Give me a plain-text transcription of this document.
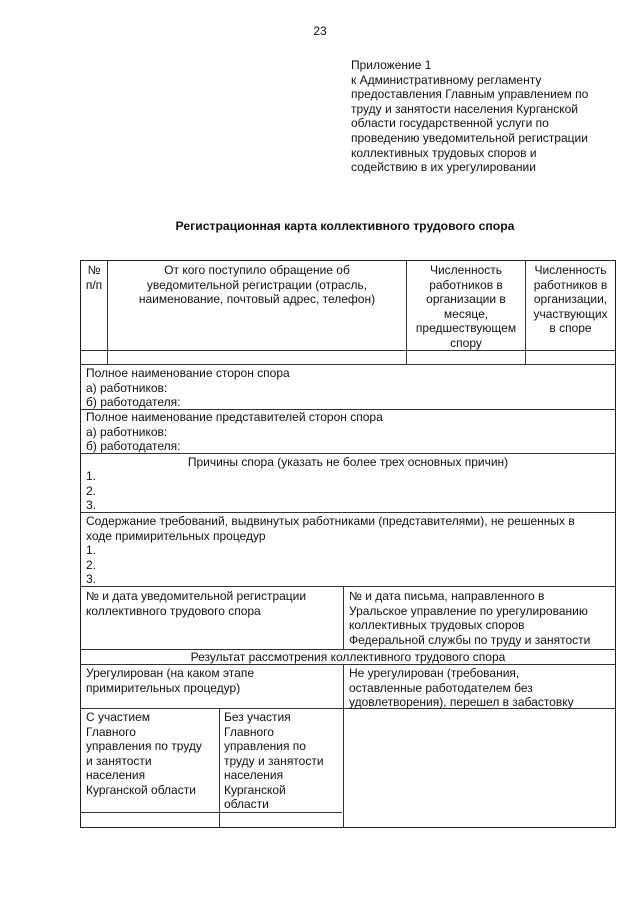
23
Приложение 1
к Административному регламенту
предоставления Главным управлением по
труду и занятости населения Курганской
области государственной услуги по
проведению уведомительной регистрации
коллективных трудовых споров и
содействию в их урегулировании
Регистрационная карта коллективного трудового спора
№
п/п
От кого поступило обращение об
уведомительной регистрации (отрасль,
наименование, почтовый адрес, телефон)
Численность
работников в
организации в
месяце,
предшествующем
спору
Численность
работников в
организации,
участвующих
в споре
Полное наименование сторон спора
а) работников:
б) работодателя:
Полное наименование представителей сторон спора
а) работников:
б) работодателя:
Причины спора (указать не более трех основных причин)
1.
2.
3.
Содержание требований, выдвинутых работниками (представителями), не решенных в
ходе примирительных процедур
1.
2.
3.
№ и дата уведомительной регистрации
коллективного трудового спора
№ и дата письма, направленного в
Уральское управление по урегулированию
коллективных трудовых споров
Федеральной службы по труду и занятости
Результат рассмотрения коллективного трудового спора
Урегулирован (на каком этапе
примирительных процедур)
Не урегулирован (требования,
оставленные работодателем без
удовлетворения), перешел в забастовку
С участием
Главного
управления по труду
и занятости
населения
Курганской области
Без участия
Главного
управления по
труду и занятости
населения
Курганской
области
